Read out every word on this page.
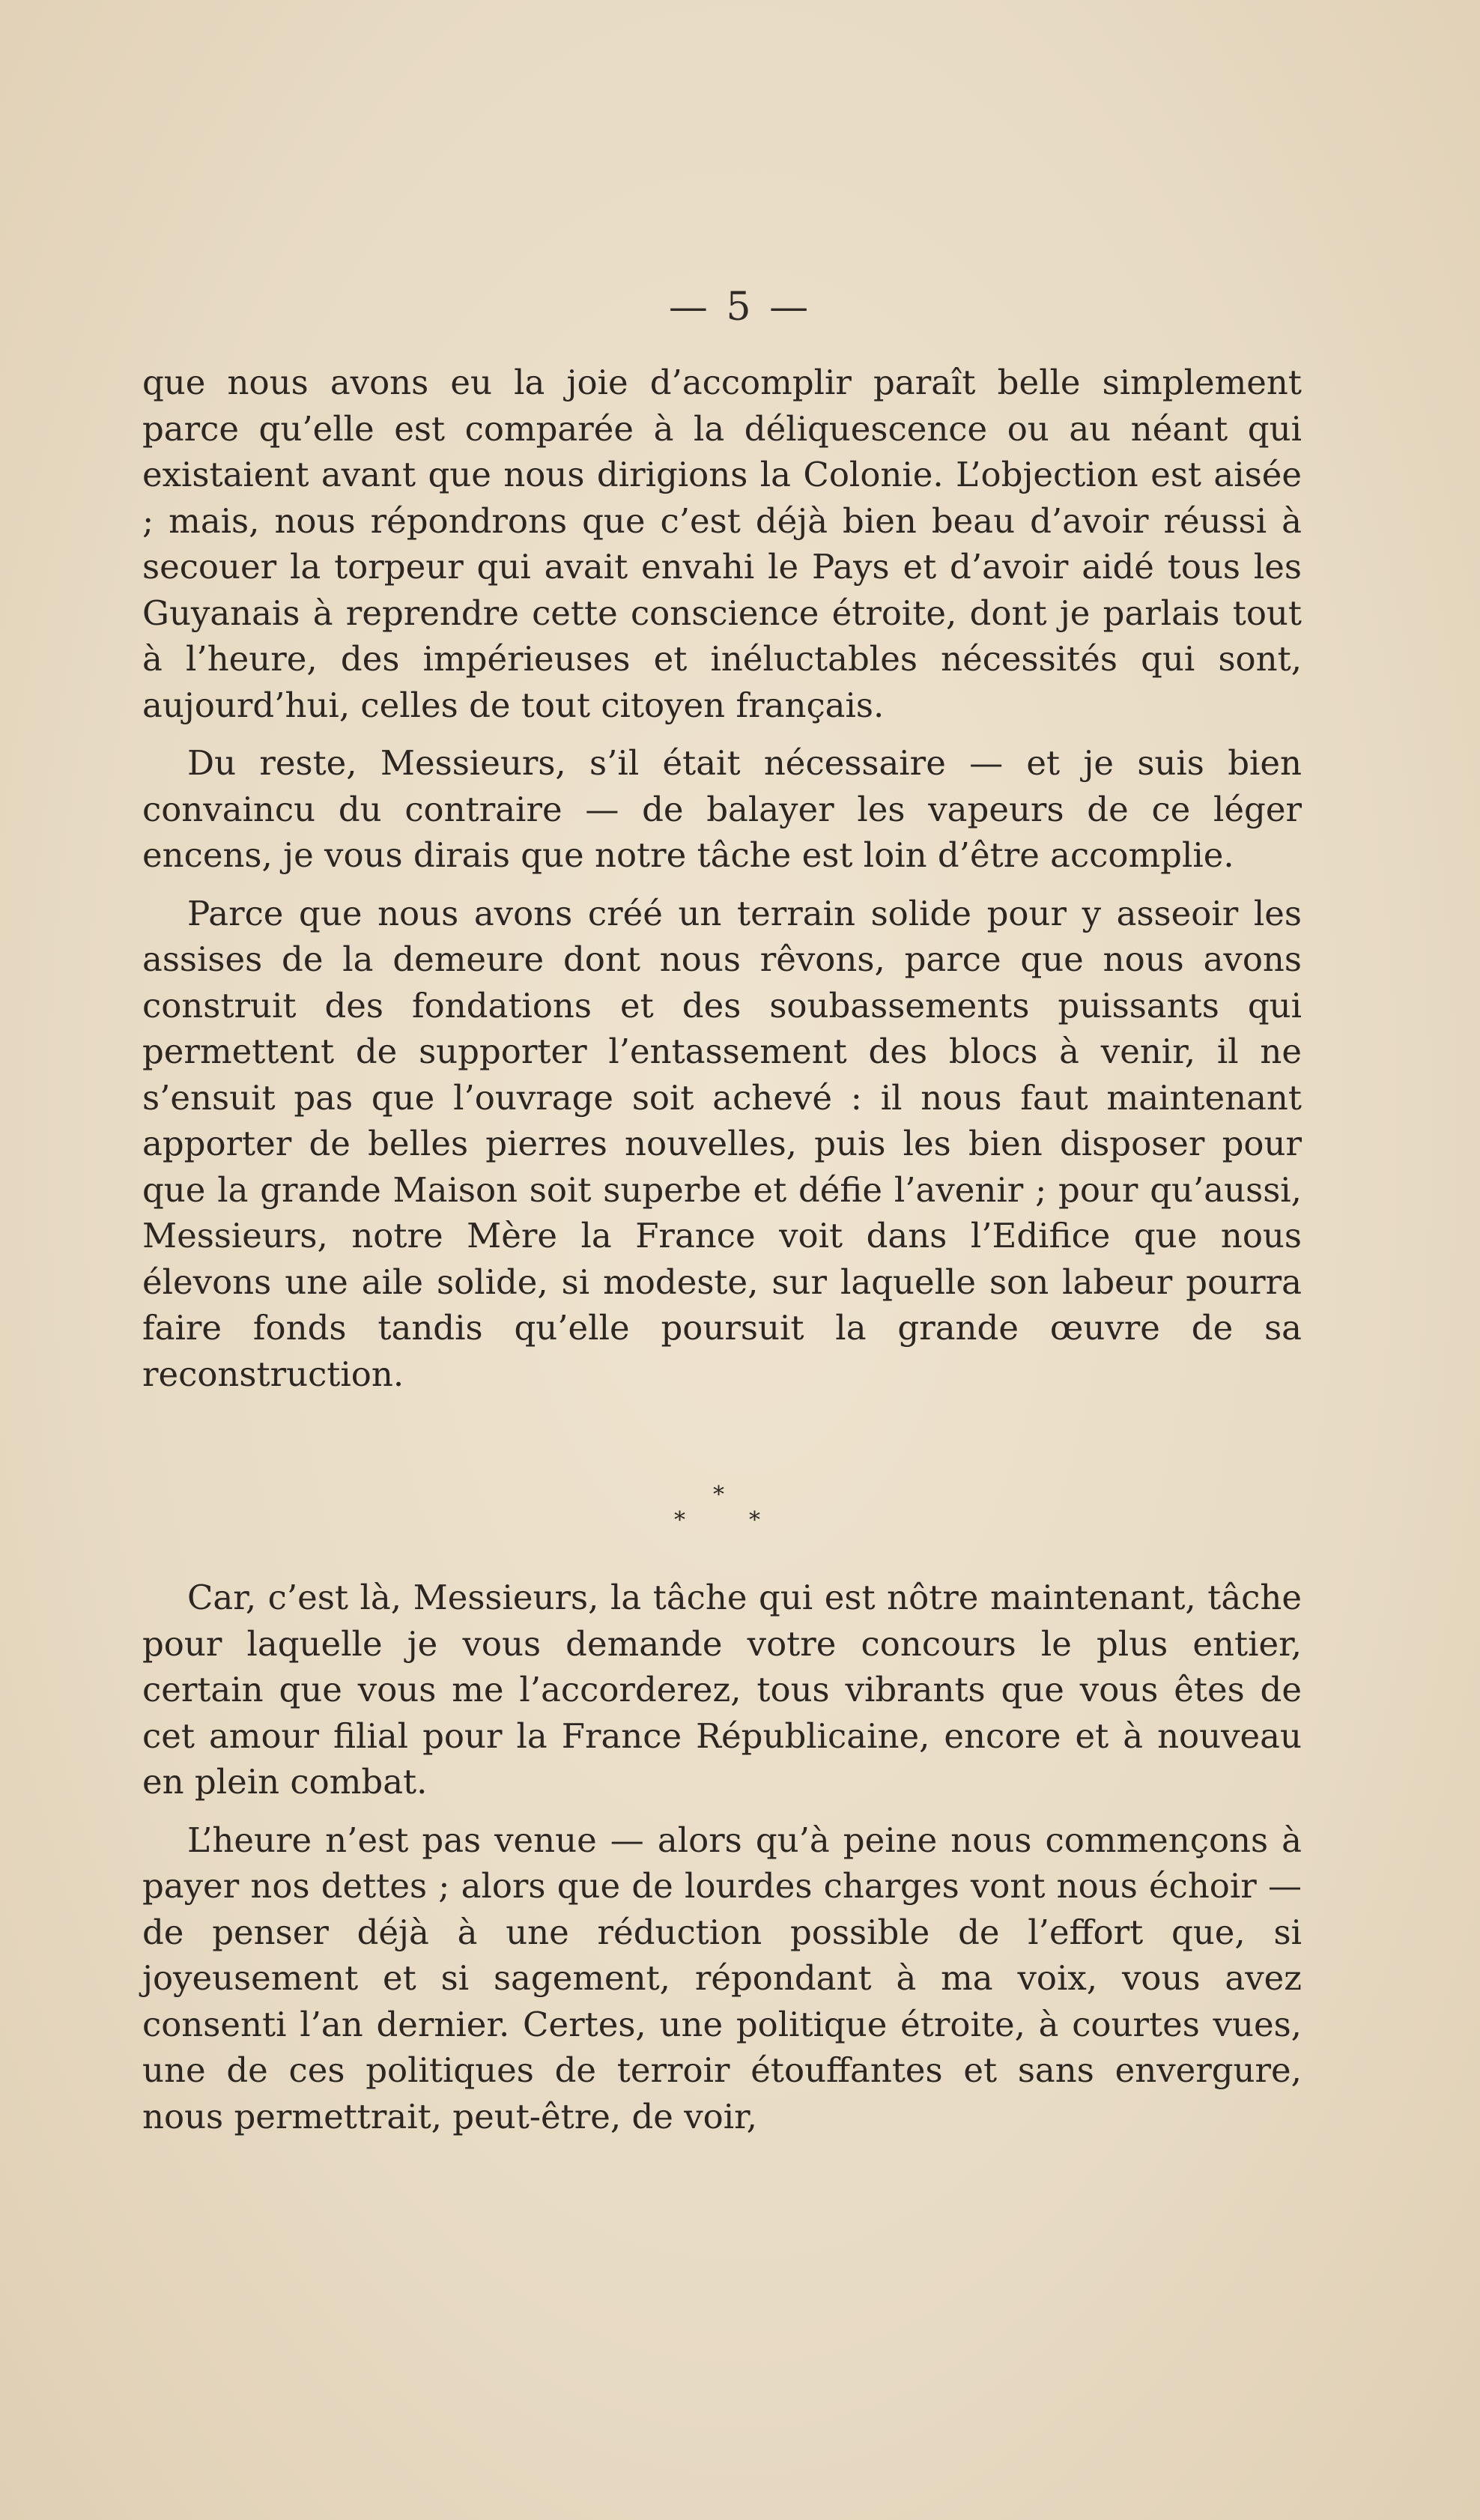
— 5 —

que nous avons eu la joie d’accomplir paraît belle simplement parce qu’elle est comparée à la déliquescence ou au néant qui existaient avant que nous dirigions la Colonie. L’objection est aisée ; mais, nous répondrons que c’est déjà bien beau d’avoir réussi à secouer la torpeur qui avait envahi le Pays et d’avoir aidé tous les Guyanais à reprendre cette conscience étroite, dont je parlais tout à l’heure, des impérieuses et inéluctables nécessités qui sont, aujourd’hui, celles de tout citoyen français.

Du reste, Messieurs, s’il était nécessaire — et je suis bien convaincu du contraire — de balayer les vapeurs de ce léger encens, je vous dirais que notre tâche est loin d’être accomplie.

Parce que nous avons créé un terrain solide pour y asseoir les assises de la demeure dont nous rêvons, parce que nous avons construit des fondations et des soubassements puissants qui permettent de supporter l’entassement des blocs à venir, il ne s’ensuit pas que l’ouvrage soit achevé : il nous faut maintenant apporter de belles pierres nouvelles, puis les bien disposer pour que la grande Maison soit superbe et défie l’avenir ; pour qu’aussi, Messieurs, notre Mère la France voit dans l’Edifice que nous élevons une aile solide, si modeste, sur laquelle son labeur pourra faire fonds tandis qu’elle poursuit la grande œuvre de sa reconstruction.

*
*	*

Car, c’est là, Messieurs, la tâche qui est nôtre maintenant, tâche pour laquelle je vous demande votre concours le plus entier, certain que vous me l’accorderez, tous vibrants que vous êtes de cet amour filial pour la France Républicaine, encore et à nouveau en plein combat.

L’heure n’est pas venue — alors qu’à peine nous commençons à payer nos dettes ; alors que de lourdes charges vont nous échoir — de penser déjà à une réduction possible de l’effort que, si joyeusement et si sagement, répondant à ma voix, vous avez consenti l’an dernier. Certes, une politique étroite, à courtes vues, une de ces politiques de terroir étouffantes et sans envergure, nous permettrait, peut-être, de voir,
